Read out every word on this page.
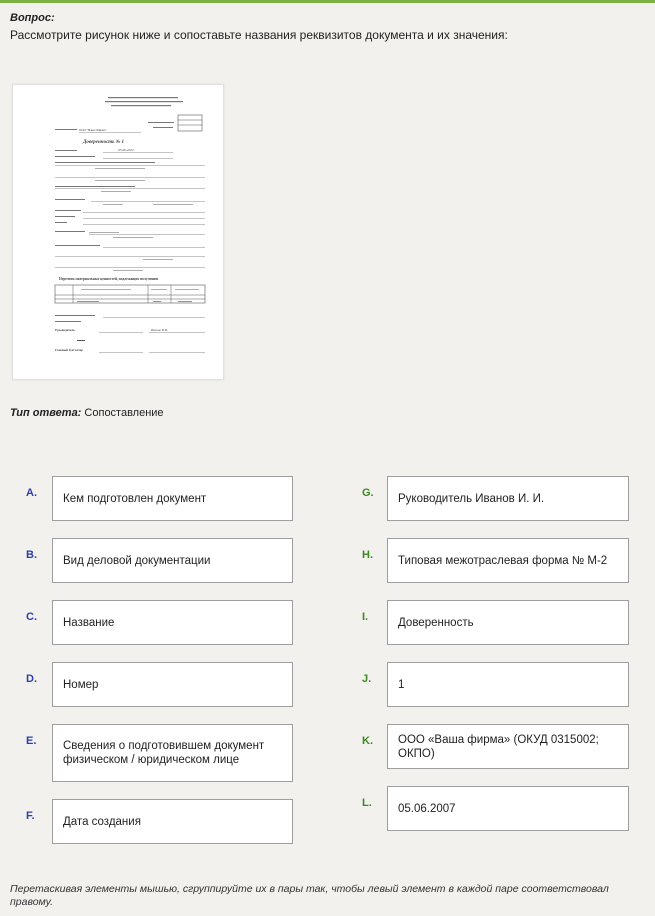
Вопрос:
Рассмотрите рисунок ниже и сопоставьте названия реквизитов документа и их значения:
ООО "Ваша Фирма"
Доверенность № 1
05.06.2022
Перечень материальных ценностей, подлежащих получению
Руководитель	Иванов И.И.
Главный бухгалтер
Тип ответа: Сопоставление
A. Кем подготовлен документ
B. Вид деловой документации
C. Название
D. Номер
E. Сведения о подготовившем документ физическом / юридическом лице
F. Дата создания
G. Руководитель Иванов И. И.
H. Типовая межотраслевая форма № М-2
I.	Доверенность
J. 1
K. ООО «Ваша фирма» (ОКУД 0315002; ОКПО)
L. 05.06.2007
Перетаскивая элементы мышью, сгруппируйте их в пары так, чтобы левый элемент в каждой паре соответствовал правому.
